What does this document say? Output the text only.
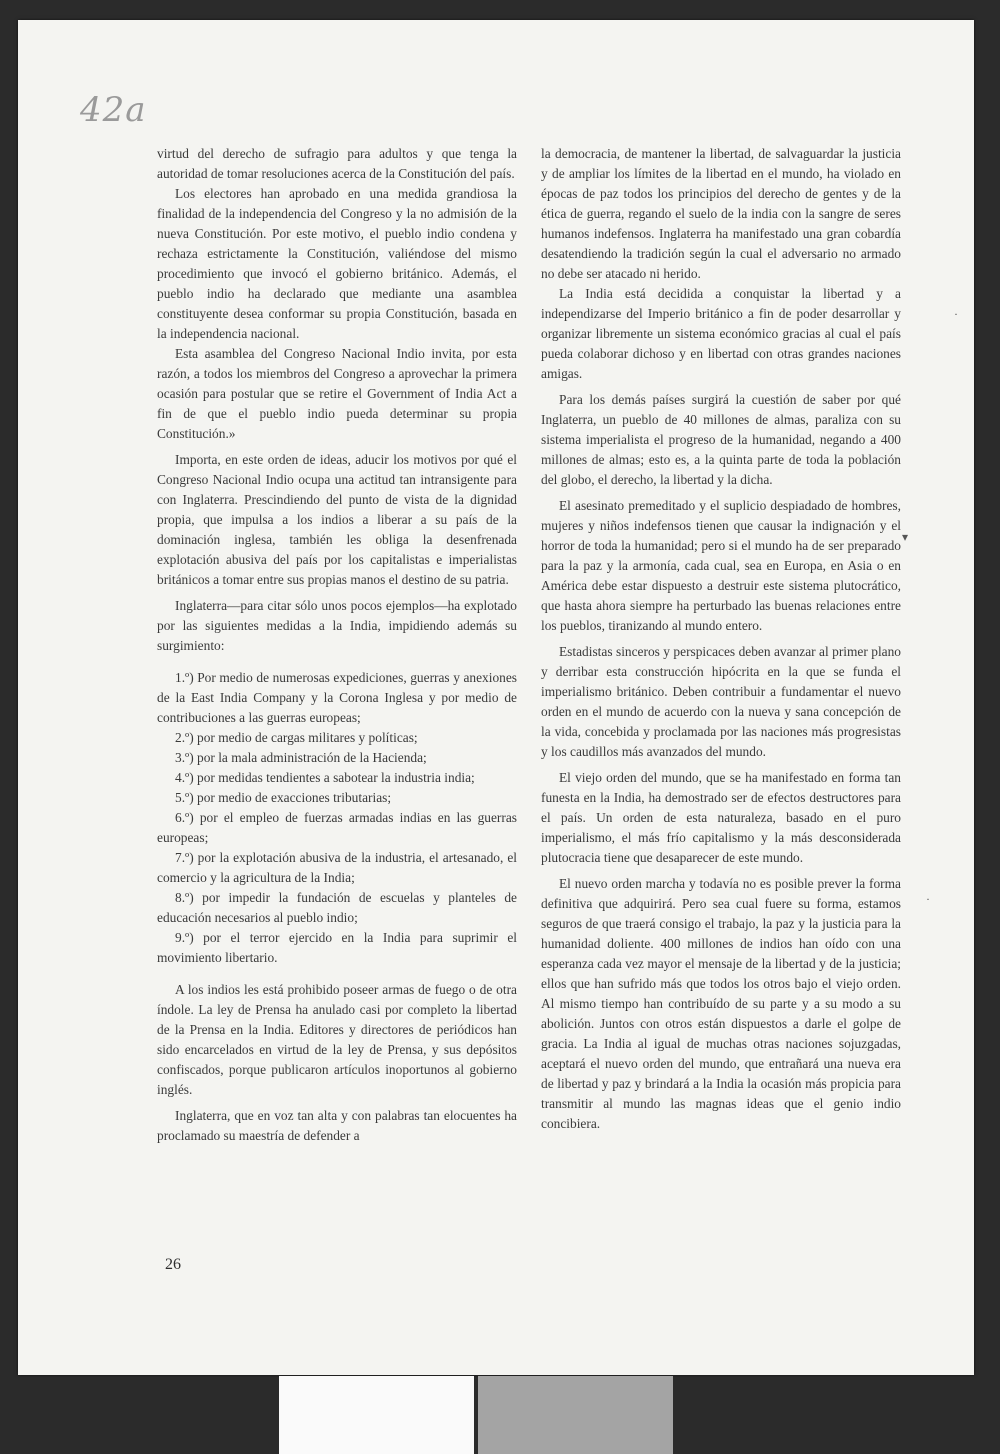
42a

virtud del derecho de sufragio para adultos y que tenga la autoridad de tomar resoluciones acerca de la Constitución del país.

Los electores han aprobado en una medida grandiosa la finalidad de la independencia del Congreso y la no admisión de la nueva Constitución. Por este motivo, el pueblo indio condena y rechaza estrictamente la Constitución, valiéndose del mismo procedimiento que invocó el gobierno británico. Además, el pueblo indio ha declarado que mediante una asamblea constituyente desea conformar su propia Constitución, basada en la independencia nacional.

Esta asamblea del Congreso Nacional Indio invita, por esta razón, a todos los miembros del Congreso a aprovechar la primera ocasión para postular que se retire el Government of India Act a fin de que el pueblo indio pueda determinar su propia Constitución.»

Importa, en este orden de ideas, aducir los motivos por qué el Congreso Nacional Indio ocupa una actitud tan intransigente para con Inglaterra. Prescindiendo del punto de vista de la dignidad propia, que impulsa a los indios a liberar a su país de la dominación inglesa, también les obliga la desenfrenada explotación abusiva del país por los capitalistas e imperialistas británicos a tomar entre sus propias manos el destino de su patria.

Inglaterra—para citar sólo unos pocos ejemplos—ha explotado por las siguientes medidas a la India, impidiendo además su surgimiento:

1.º) Por medio de numerosas expediciones, guerras y anexiones de la East India Company y la Corona Inglesa y por medio de contribuciones a las guerras europeas;

2.º) por medio de cargas militares y políticas;

3.º) por la mala administración de la Hacienda;

4.º) por medidas tendientes a sabotear la industria india;

5.º) por medio de exacciones tributarias;

6.º) por el empleo de fuerzas armadas indias en las guerras europeas;

7.º) por la explotación abusiva de la industria, el artesanado, el comercio y la agricultura de la India;

8.º) por impedir la fundación de escuelas y planteles de educación necesarios al pueblo indio;

9.º) por el terror ejercido en la India para suprimir el movimiento libertario.

A los indios les está prohibido poseer armas de fuego o de otra índole. La ley de Prensa ha anulado casi por completo la libertad de la Prensa en la India. Editores y directores de periódicos han sido encarcelados en virtud de la ley de Prensa, y sus depósitos confiscados, porque publicaron artículos inoportunos al gobierno inglés.

Inglaterra, que en voz tan alta y con palabras tan elocuentes ha proclamado su maestría de defender a

la democracia, de mantener la libertad, de salvaguardar la justicia y de ampliar los límites de la libertad en el mundo, ha violado en épocas de paz todos los principios del derecho de gentes y de la ética de guerra, regando el suelo de la india con la sangre de seres humanos indefensos. Inglaterra ha manifestado una gran cobardía desatendiendo la tradición según la cual el adversario no armado no debe ser atacado ni herido.

La India está decidida a conquistar la libertad y a independizarse del Imperio británico a fin de poder desarrollar y organizar libremente un sistema económico gracias al cual el país pueda colaborar dichoso y en libertad con otras grandes naciones amigas.

Para los demás países surgirá la cuestión de saber por qué Inglaterra, un pueblo de 40 millones de almas, paraliza con su sistema imperialista el progreso de la humanidad, negando a 400 millones de almas; esto es, a la quinta parte de toda la población del globo, el derecho, la libertad y la dicha.

El asesinato premeditado y el suplicio despiadado de hombres, mujeres y niños indefensos tienen que causar la indignación y el horror de toda la humanidad; pero si el mundo ha de ser preparado para la paz y la armonía, cada cual, sea en Europa, en Asia o en América debe estar dispuesto a destruir este sistema plutocrático, que hasta ahora siempre ha perturbado las buenas relaciones entre los pueblos, tiranizando al mundo entero.

Estadistas sinceros y perspicaces deben avanzar al primer plano y derribar esta construcción hipócrita en la que se funda el imperialismo británico. Deben contribuir a fundamentar el nuevo orden en el mundo de acuerdo con la nueva y sana concepción de la vida, concebida y proclamada por las naciones más progresistas y los caudillos más avanzados del mundo.

El viejo orden del mundo, que se ha manifestado en forma tan funesta en la India, ha demostrado ser de efectos destructores para el país. Un orden de esta naturaleza, basado en el puro imperialismo, el más frío capitalismo y la más desconsiderada plutocracia tiene que desaparecer de este mundo.

El nuevo orden marcha y todavía no es posible prever la forma definitiva que adquirirá. Pero sea cual fuere su forma, estamos seguros de que traerá consigo el trabajo, la paz y la justicia para la humanidad doliente. 400 millones de indios han oído con una esperanza cada vez mayor el mensaje de la libertad y de la justicia; ellos que han sufrido más que todos los otros bajo el viejo orden. Al mismo tiempo han contribuído de su parte y a su modo a su abolición. Juntos con otros están dispuestos a darle el golpe de gracia. La India al igual de muchas otras naciones sojuzgadas, aceptará el nuevo orden del mundo, que entrañará una nueva era de libertad y paz y brindará a la India la ocasión más propicia para transmitir al mundo las magnas ideas que el genio indio concibiera.

26
·
▾
·
